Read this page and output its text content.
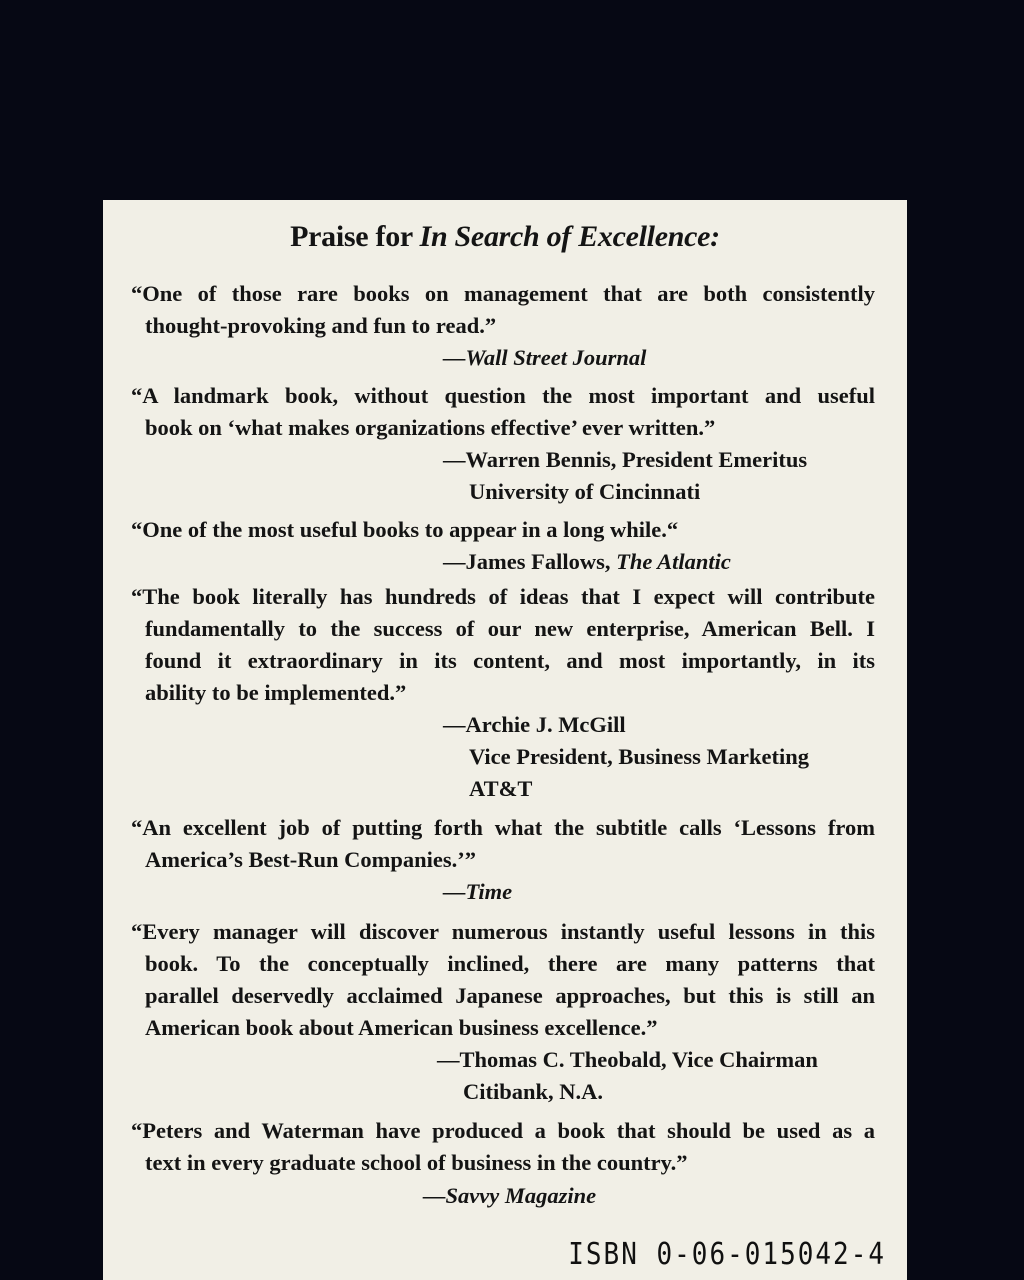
Praise for In Search of Excellence:
“One of those rare books on management that are both consistently
thought-provoking and fun to read.”
—Wall Street Journal
“A landmark book, without question the most important and useful
book on ‘what makes organizations effective’ ever written.”
—Warren Bennis, President Emeritus
University of Cincinnati
“One of the most useful books to appear in a long while.“
—James Fallows, The Atlantic
“The book literally has hundreds of ideas that I expect will contribute
fundamentally to the success of our new enterprise, American Bell. I
found it extraordinary in its content, and most importantly, in its
ability to be implemented.”
—Archie J. McGill
Vice President, Business Marketing
AT&T
“An excellent job of putting forth what the subtitle calls ‘Lessons from
America’s Best-Run Companies.’”
—Time
“Every manager will discover numerous instantly useful lessons in this
book. To the conceptually inclined, there are many patterns that
parallel deservedly acclaimed Japanese approaches, but this is still an
American book about American business excellence.”
—Thomas C. Theobald, Vice Chairman
Citibank, N.A.
“Peters and Waterman have produced a book that should be used as a
text in every graduate school of business in the country.”
—Savvy Magazine
ISBN 0-06-015042-4
